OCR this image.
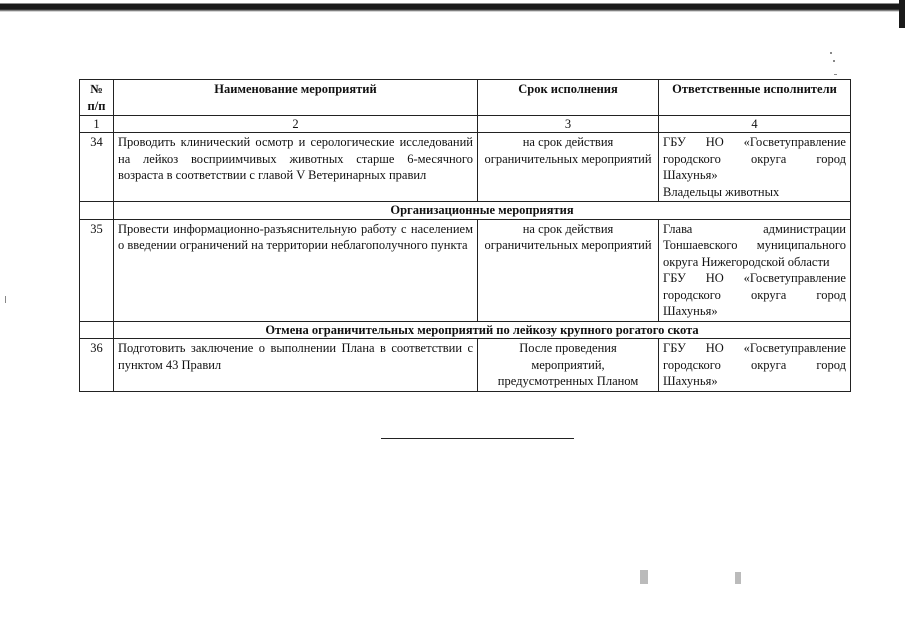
№ п/п	Наименование мероприятий	Срок исполнения	Ответственные исполнители
1	2	3	4
34	Проводить клинический осмотр и серологические исследований на лейкоз восприимчивых животных старше 6-месячного возраста в соответствии с главой V Ветеринарных правил	на срок действия ограничительных мероприятий	ГБУ НО «Госветуправление городского округа город Шахунья»
Владельцы животных

	Организационные мероприятия		
35	Провести информационно-разъяснительную работу с населением о введении ограничений на территории неблагополучного пункта	на срок действия ограничительных мероприятий	Глава администрации Тоншаевского муниципального округа Нижегородской области
ГБУ НО «Госветуправление городского округа город Шахунья»

	Отмена ограничительных мероприятий по лейкозу крупного рогатого скота		
36	Подготовить заключение о выполнении Плана в соответствии с пунктом 43 Правил	После проведения мероприятий, предусмотренных Планом	ГБУ НО «Госветуправление городского округа город Шахунья»
